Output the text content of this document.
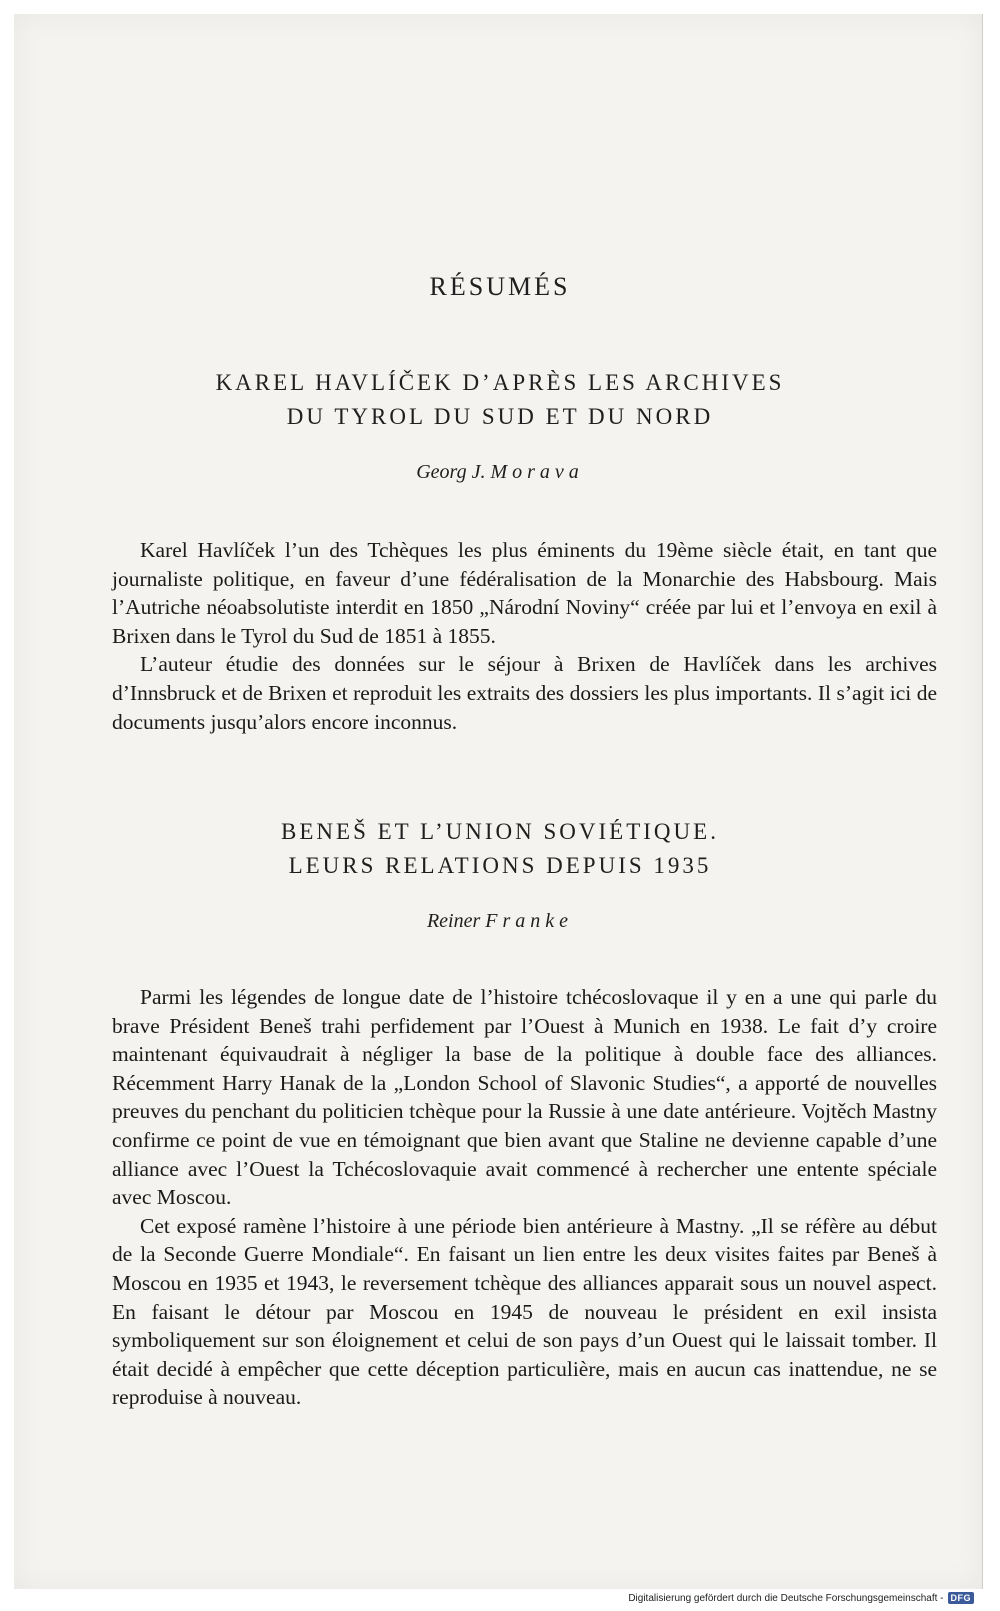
RÉSUMÉS
KAREL HAVLÍČEK D’APRÈS LES ARCHIVES
DU TYROL DU SUD ET DU NORD
Georg J. Morava

Karel Havlíček l’un des Tchèques les plus éminents du 19ème siècle était, en tant que journaliste politique, en faveur d’une fédéralisation de la Monarchie des Habsbourg. Mais l’Autriche néoabsolutiste interdit en 1850 „Národní Noviny“ créée par lui et l’envoya en exil à Brixen dans le Tyrol du Sud de 1851 à 1855.

L’auteur étudie des données sur le séjour à Brixen de Havlíček dans les archives d’Innsbruck et de Brixen et reproduit les extraits des dossiers les plus importants. Il s’agit ici de documents jusqu’alors encore inconnus.

BENEŠ ET L’UNION SOVIÉTIQUE.
LEURS RELATIONS DEPUIS 1935
Reiner Franke

Parmi les légendes de longue date de l’histoire tchécoslovaque il y en a une qui parle du brave Président Beneš trahi perfidement par l’Ouest à Munich en 1938. Le fait d’y croire maintenant équivaudrait à négliger la base de la politique à double face des alliances. Récemment Harry Hanak de la „London School of Slavonic Studies“, a apporté de nouvelles preuves du penchant du politicien tchèque pour la Russie à une date antérieure. Vojtěch Mastny confirme ce point de vue en témoignant que bien avant que Staline ne devienne capable d’une alliance avec l’Ouest la Tchécoslovaquie avait commencé à rechercher une entente spéciale avec Moscou.

Cet exposé ramène l’histoire à une période bien antérieure à Mastny. „Il se réfère au début de la Seconde Guerre Mondiale“. En faisant un lien entre les deux visites faites par Beneš à Moscou en 1935 et 1943, le reversement tchèque des alliances apparait sous un nouvel aspect. En faisant le détour par Moscou en 1945 de nouveau le président en exil insista symboliquement sur son éloignement et celui de son pays d’un Ouest qui le laissait tomber. Il était decidé à empêcher que cette déception particulière, mais en aucun cas inattendue, ne se reproduise à nouveau.

Digitalisierung gefördert durch die Deutsche Forschungsgemeinschaft - DFG
